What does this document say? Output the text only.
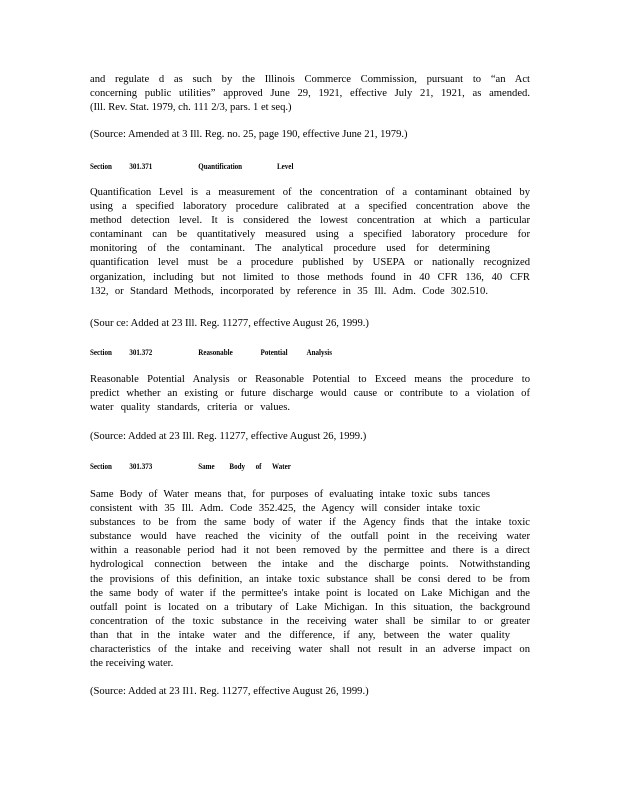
and regulate d as such by the Illinois Commerce Commission, pursuant to “an Act
concerning public utilities” approved June 29, 1921, effective July 21, 1921, as amended.
(Ill. Rev. Stat. 1979, ch. 111 2/3, pars. 1 et seq.)
(Source: Amended at 3 Ill. Reg. no. 25, page 190, effective June 21, 1979.)
Section 301.371	Quantification	Level
Quantification Level is a measurement of the concentration of a contaminant obtained by
using a specified laboratory procedure calibrated at a specified concentration above the
method detection level. It is considered the lowest concentration at which a particular
contaminant can be quantitatively measured using a specified laboratory procedure for
monitoring of the contaminant. The analytical procedure used for determining
quantification level must be a procedure published by USEPA or nationally recognized
organization, including but not limited to those methods found in 40 CFR 136, 40 CFR
132, or Standard Methods, incorporated by reference in 35 Ill. Adm. Code 302.510.
(Sour ce: Added at 23 Ill. Reg. 11277, effective August 26, 1999.)
Section 301.372	Reasonable	Potential Analysis
Reasonable Potential Analysis or Reasonable Potential to Exceed means the procedure to
predict whether an existing or future discharge would cause or contribute to a violation of
water quality standards, criteria or values.
(Source: Added at 23 Ill. Reg. 11277, effective August 26, 1999.)
Section 301.373	Same Body of Water
Same Body of Water means that, for purposes of evaluating intake toxic subs tances
consistent with 35 Ill. Adm. Code 352.425, the Agency will consider intake toxic
substances to be from the same body of water if the Agency finds that the intake toxic
substance would have reached the vicinity of the outfall point in the receiving water
within a reasonable period had it not been removed by the permittee and there is a direct
hydrological connection between the intake and the discharge points. Notwithstanding
the provisions of this definition, an intake toxic substance shall be consi dered to be from
the same body of water if the permittee's intake point is located on Lake Michigan and the
outfall point is located on a tributary of Lake Michigan. In this situation, the background
concentration of the toxic substance in the receiving water shall be similar to or greater
than that in the intake water and the difference, if any, between the water quality
characteristics of the intake and receiving water shall not result in an adverse impact on
the receiving water.
(Source: Added at 23 Il1. Reg. 11277, effective August 26, 1999.)
